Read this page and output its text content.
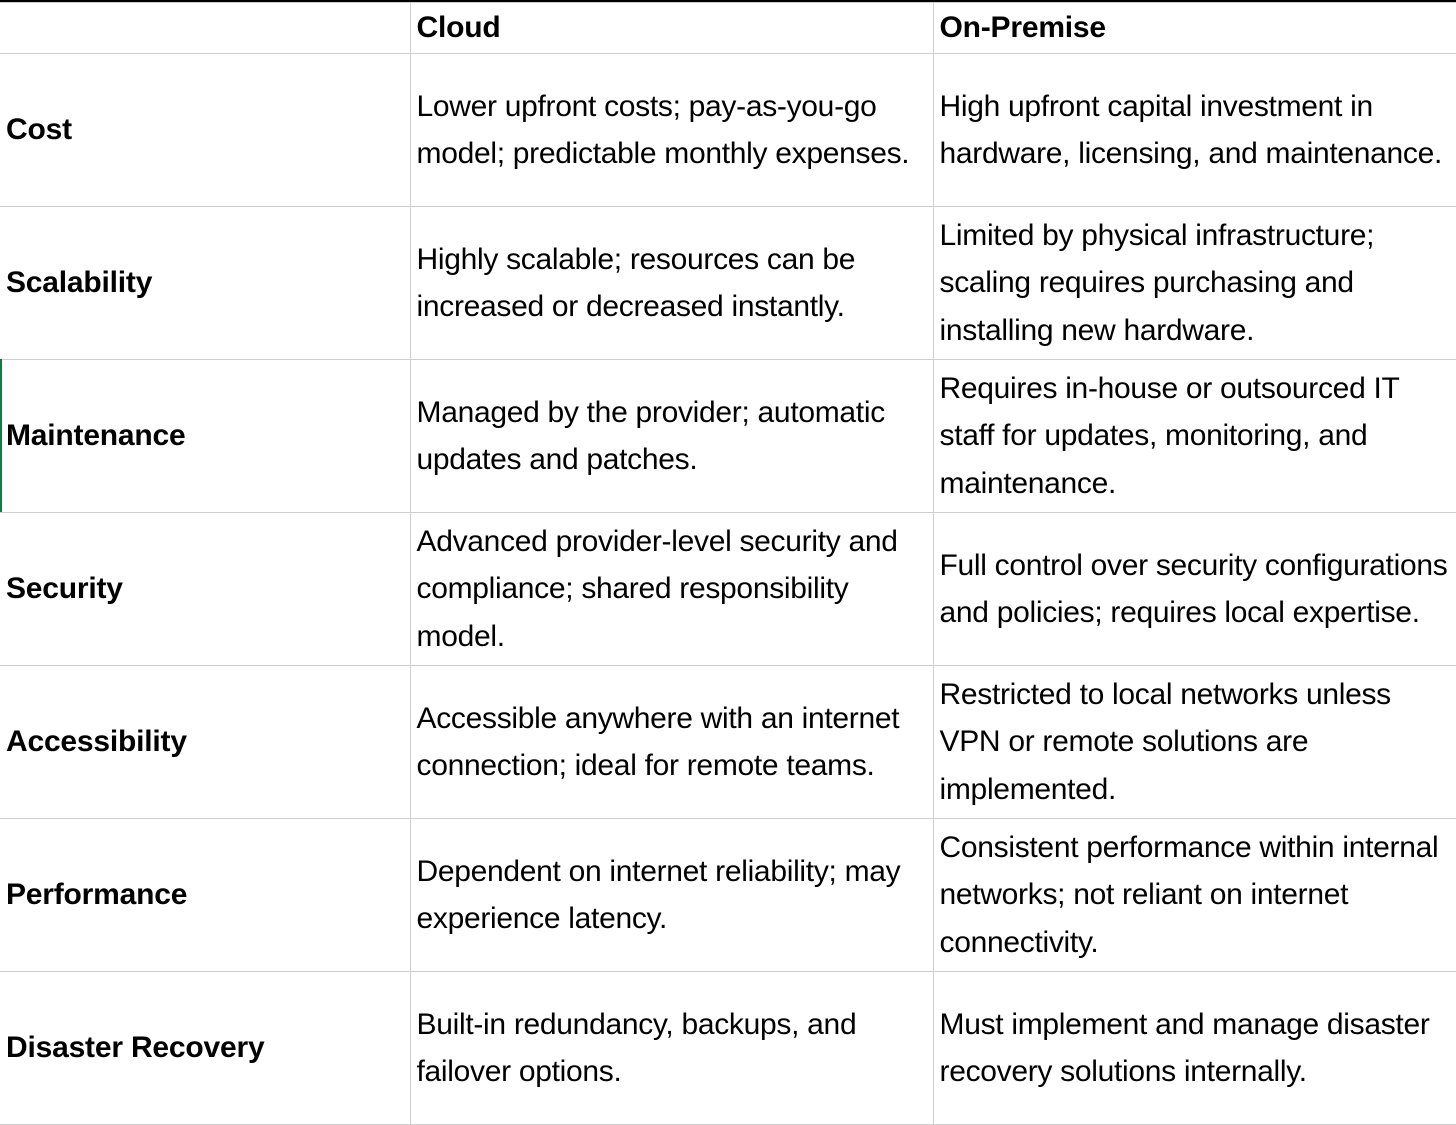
	Cloud	On-Premise
Cost	Lower upfront costs; pay-as-you-go model; predictable monthly expenses.	High upfront capital investment in hardware, licensing, and maintenance.
Scalability	Highly scalable; resources can be increased or decreased instantly.	Limited by physical infrastructure; scaling requires purchasing and installing new hardware.
Maintenance	Managed by the provider; automatic updates and patches.	Requires in-house or outsourced IT staff for updates, monitoring, and maintenance.
Security	Advanced provider-level security and compliance; shared responsibility model.	Full control over security configurations and policies; requires local expertise.
Accessibility	Accessible anywhere with an internet connection; ideal for remote teams.	Restricted to local networks unless VPN or remote solutions are implemented.
Performance	Dependent on internet reliability; may experience latency.	Consistent performance within internal networks; not reliant on internet connectivity.
Disaster Recovery	Built-in redundancy, backups, and failover options.	Must implement and manage disaster recovery solutions internally.
